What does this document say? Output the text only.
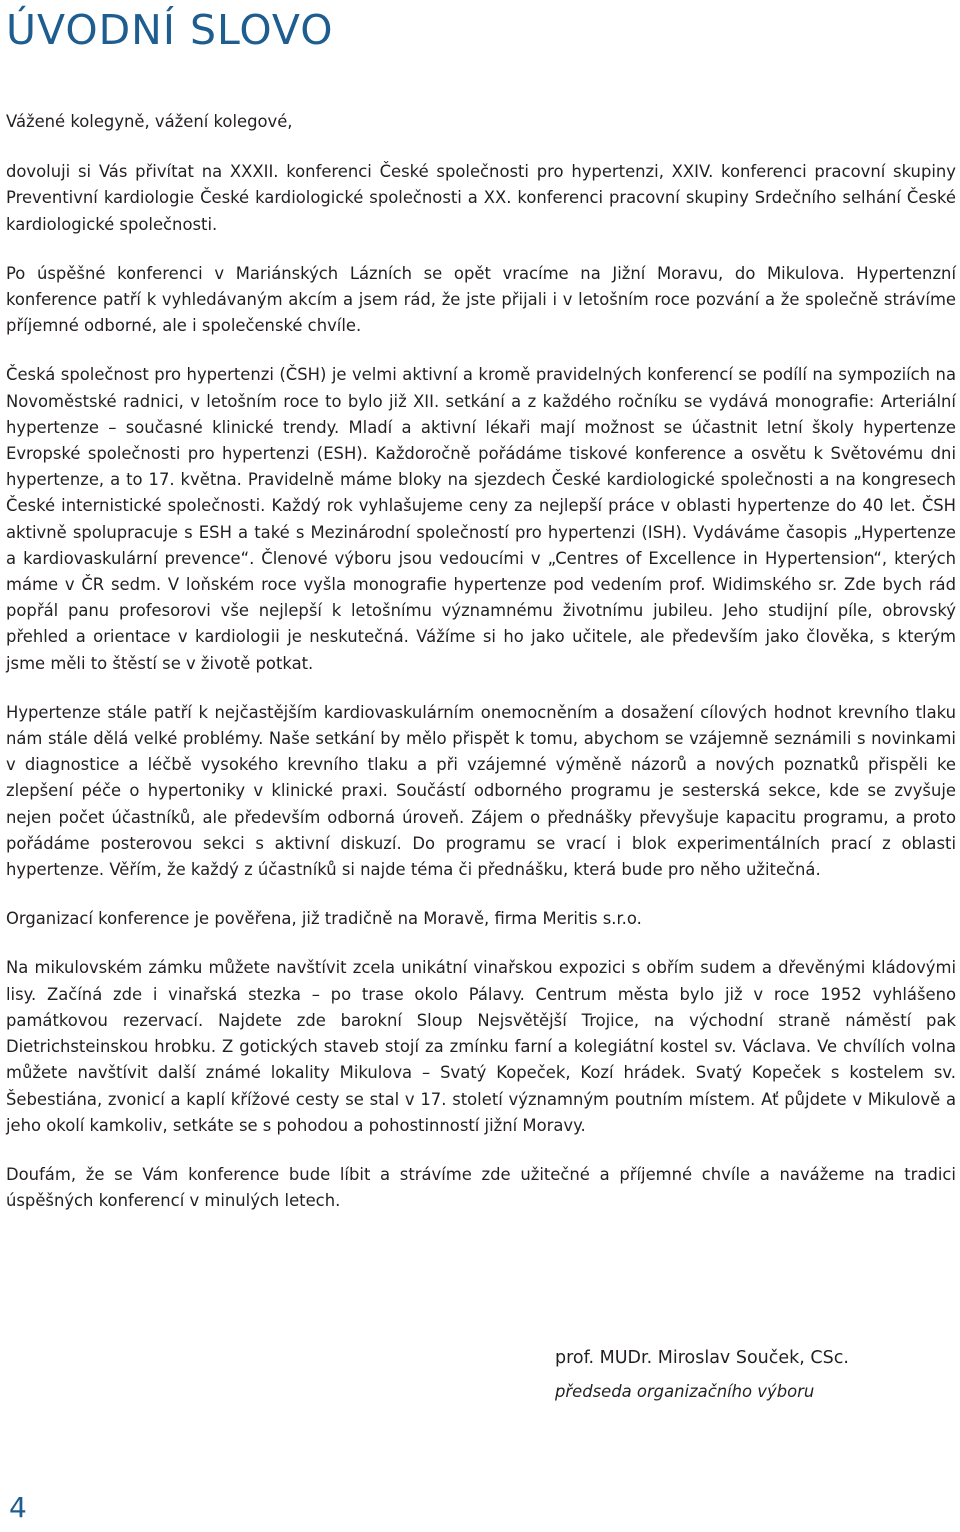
ÚVODNÍ SLOVO

Vážené kolegyně, vážení kolegové,

dovoluji si Vás přivítat na XXXII. konferenci České společnosti pro hypertenzi, XXIV. konferenci pracovní skupiny Preventivní kardiologie České kardiologické společnosti a XX. konferenci pracovní skupiny Srdečního selhání České kardiologické společnosti.

Po úspěšné konferenci v Mariánských Lázních se opět vracíme na Jižní Moravu, do Mikulova. Hypertenzní konference patří k vyhledávaným akcím a jsem rád, že jste přijali i v letošním roce pozvání a že společně strávíme příjemné odborné, ale i společenské chvíle.

Česká společnost pro hypertenzi (ČSH) je velmi aktivní a kromě pravidelných konferencí se podílí na sympoziích na Novoměstské radnici, v letošním roce to bylo již XII. setkání a z každého ročníku se vydává monografie: Arteriální hypertenze – současné klinické trendy. Mladí a aktivní lékaři mají možnost se účastnit letní školy hypertenze Evropské společnosti pro hypertenzi (ESH). Každoročně pořádáme tiskové konference a osvětu k Světovému dni hypertenze, a to 17. května. Pravidelně máme bloky na sjezdech České kardiologické společnosti a na kongresech České internistické společnosti. Každý rok vyhlašujeme ceny za nejlepší práce v oblasti hypertenze do 40 let. ČSH aktivně spolupracuje s ESH a také s Mezinárodní společností pro hypertenzi (ISH). Vydáváme časopis „Hypertenze a kardiovaskulární prevence“. Členové výboru jsou vedoucími v „Centres of Excellence in Hypertension“, kterých máme v ČR sedm. V loňském roce vyšla monografie hypertenze pod vedením prof. Widimského sr. Zde bych rád popřál panu profesorovi vše nejlepší k letošnímu významnému životnímu jubileu. Jeho studijní píle, obrovský přehled a orientace v kardiologii je neskutečná. Vážíme si ho jako učitele, ale především jako člověka, s kterým jsme měli to štěstí se v životě potkat.

Hypertenze stále patří k nejčastějším kardiovaskulárním onemocněním a dosažení cílových hodnot krevního tlaku nám stále dělá velké problémy. Naše setkání by mělo přispět k tomu, abychom se vzájemně seznámili s novinkami v diagnostice a léčbě vysokého krevního tlaku a při vzájemné výměně názorů a nových poznatků přispěli ke zlepšení péče o hypertoniky v klinické praxi. Součástí odborného programu je sesterská sekce, kde se zvyšuje nejen počet účastníků, ale především odborná úroveň. Zájem o přednášky převyšuje kapacitu programu, a proto pořádáme posterovou sekci s aktivní diskuzí. Do programu se vrací i blok experimentálních prací z oblasti hypertenze. Věřím, že každý z účastníků si najde téma či přednášku, která bude pro něho užitečná.

Organizací konference je pověřena, již tradičně na Moravě, firma Meritis s.r.o.

Na mikulovském zámku můžete navštívit zcela unikátní vinařskou expozici s obřím sudem a dřevěnými kládovými lisy. Začíná zde i vinařská stezka – po trase okolo Pálavy. Centrum města bylo již v roce 1952 vyhlášeno památkovou rezervací. Najdete zde barokní Sloup Nejsvětější Trojice, na východní straně náměstí pak Dietrichsteinskou hrobku. Z gotických staveb stojí za zmínku farní a kolegiátní kostel sv. Václava. Ve chvílích volna můžete navštívit další známé lokality Mikulova – Svatý Kopeček, Kozí hrádek. Svatý Kopeček s kostelem sv. Šebestiána, zvonicí a kaplí křížové cesty se stal v 17. století významným poutním místem. Ať půjdete v Mikulově a jeho okolí kamkoliv, setkáte se s pohodou a pohostinností jižní Moravy.

Doufám, že se Vám konference bude líbit a strávíme zde užitečné a příjemné chvíle a navážeme na tradici úspěšných konferencí v minulých letech.

prof. MUDr. Miroslav Souček, CSc.
předseda organizačního výboru
4
